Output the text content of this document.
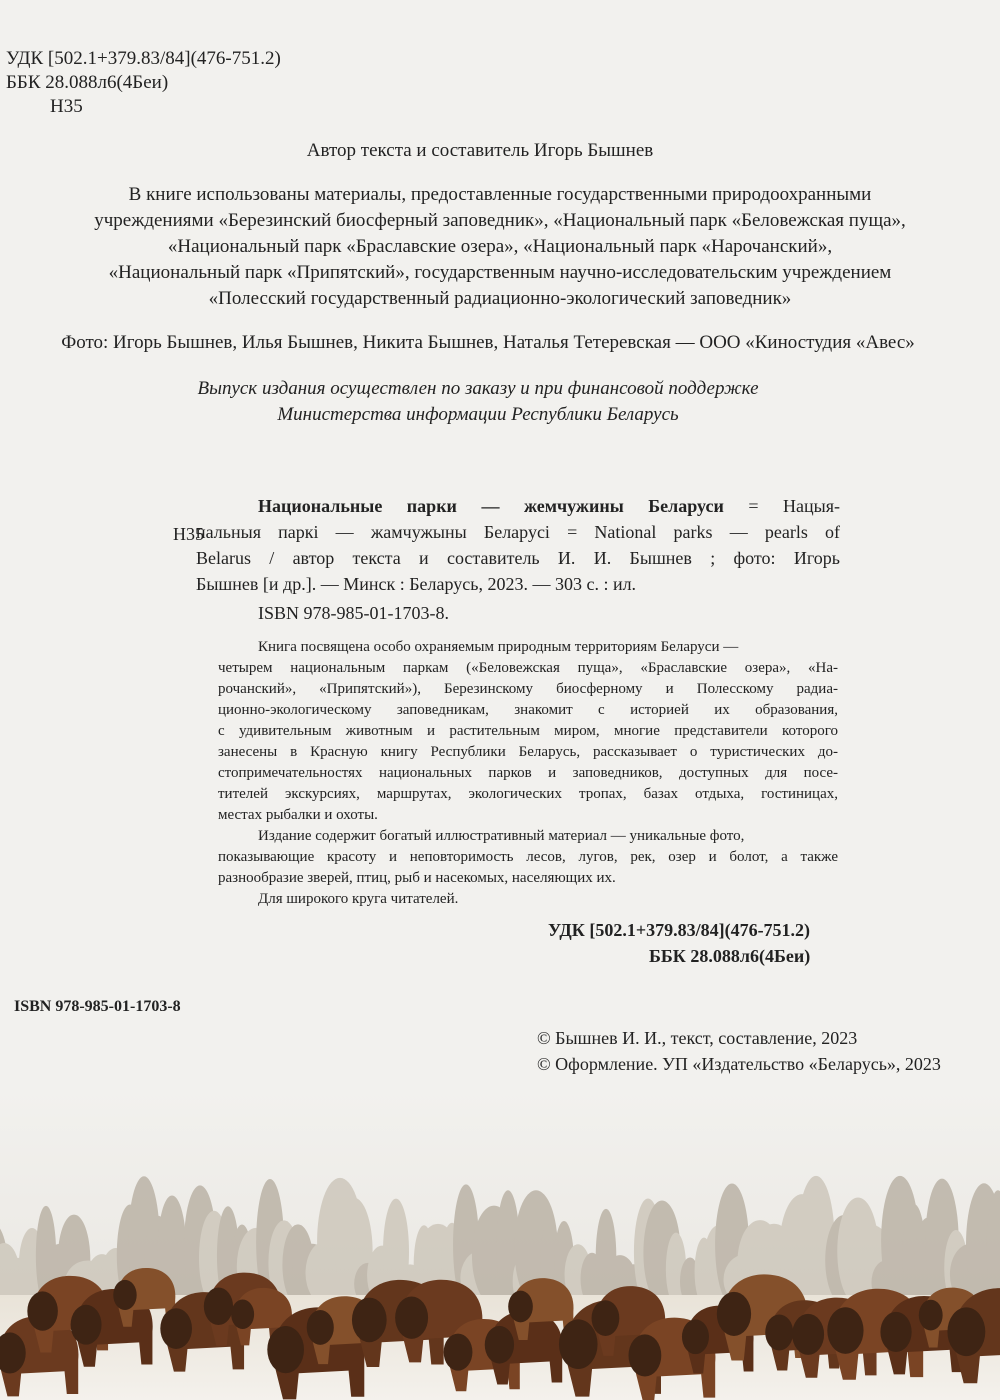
УДК [502.1+379.83/84](476-751.2)
ББК 28.088л6(4Беи)
Н35
Автор текста и составитель Игорь Бышнев
В книге использованы материалы, предоставленные государственными природоохранными
учреждениями «Березинский биосферный заповедник», «Национальный парк «Беловежская пуща»,
«Национальный парк «Браславские озера», «Национальный парк «Нарочанский»,
«Национальный парк «Припятский», государственным научно-исследовательским учреждением
«Полесский государственный радиационно-экологический заповедник»
Фото: Игорь Бышнев, Илья Бышнев, Никита Бышнев, Наталья Тетеревская — ООО «Киностудия «Авес»
Выпуск издания осуществлен по заказу и при финансовой поддержке
Министерства информации Республики Беларусь
Н35
Национальные парки — жемчужины Беларуси = Нацыя-
нальныя паркі — жамчужыны Беларусі = National parks — pearls of
Belarus / автор текста и составитель И. И. Бышнев ; фото: Игорь
Бышнев [и др.]. — Минск : Беларусь, 2023. — 303 с. : ил.
ISBN 978-985-01-1703-8.
Книга посвящена особо охраняемым природным территориям Беларуси —
четырем национальным паркам («Беловежская пуща», «Браславские озера», «На-
рочанский», «Припятский»), Березинскому биосферному и Полесскому радиа-
ционно-экологическому заповедникам, знакомит с историей их образования,
с удивительным животным и растительным миром, многие представители которого
занесены в Красную книгу Республики Беларусь, рассказывает о туристических до-
стопримечательностях национальных парков и заповедников, доступных для посе-
тителей экскурсиях, маршрутах, экологических тропах, базах отдыха, гостиницах,
местах рыбалки и охоты.
Издание содержит богатый иллюстративный материал — уникальные фото,
показывающие красоту и неповторимость лесов, лугов, рек, озер и болот, а также
разнообразие зверей, птиц, рыб и насекомых, населяющих их.
Для широкого круга читателей.
УДК [502.1+379.83/84](476-751.2)
ББК 28.088л6(4Беи)
ISBN 978-985-01-1703-8
© Бышнев И. И., текст, составление, 2023
© Оформление. УП «Издательство «Беларусь», 2023
